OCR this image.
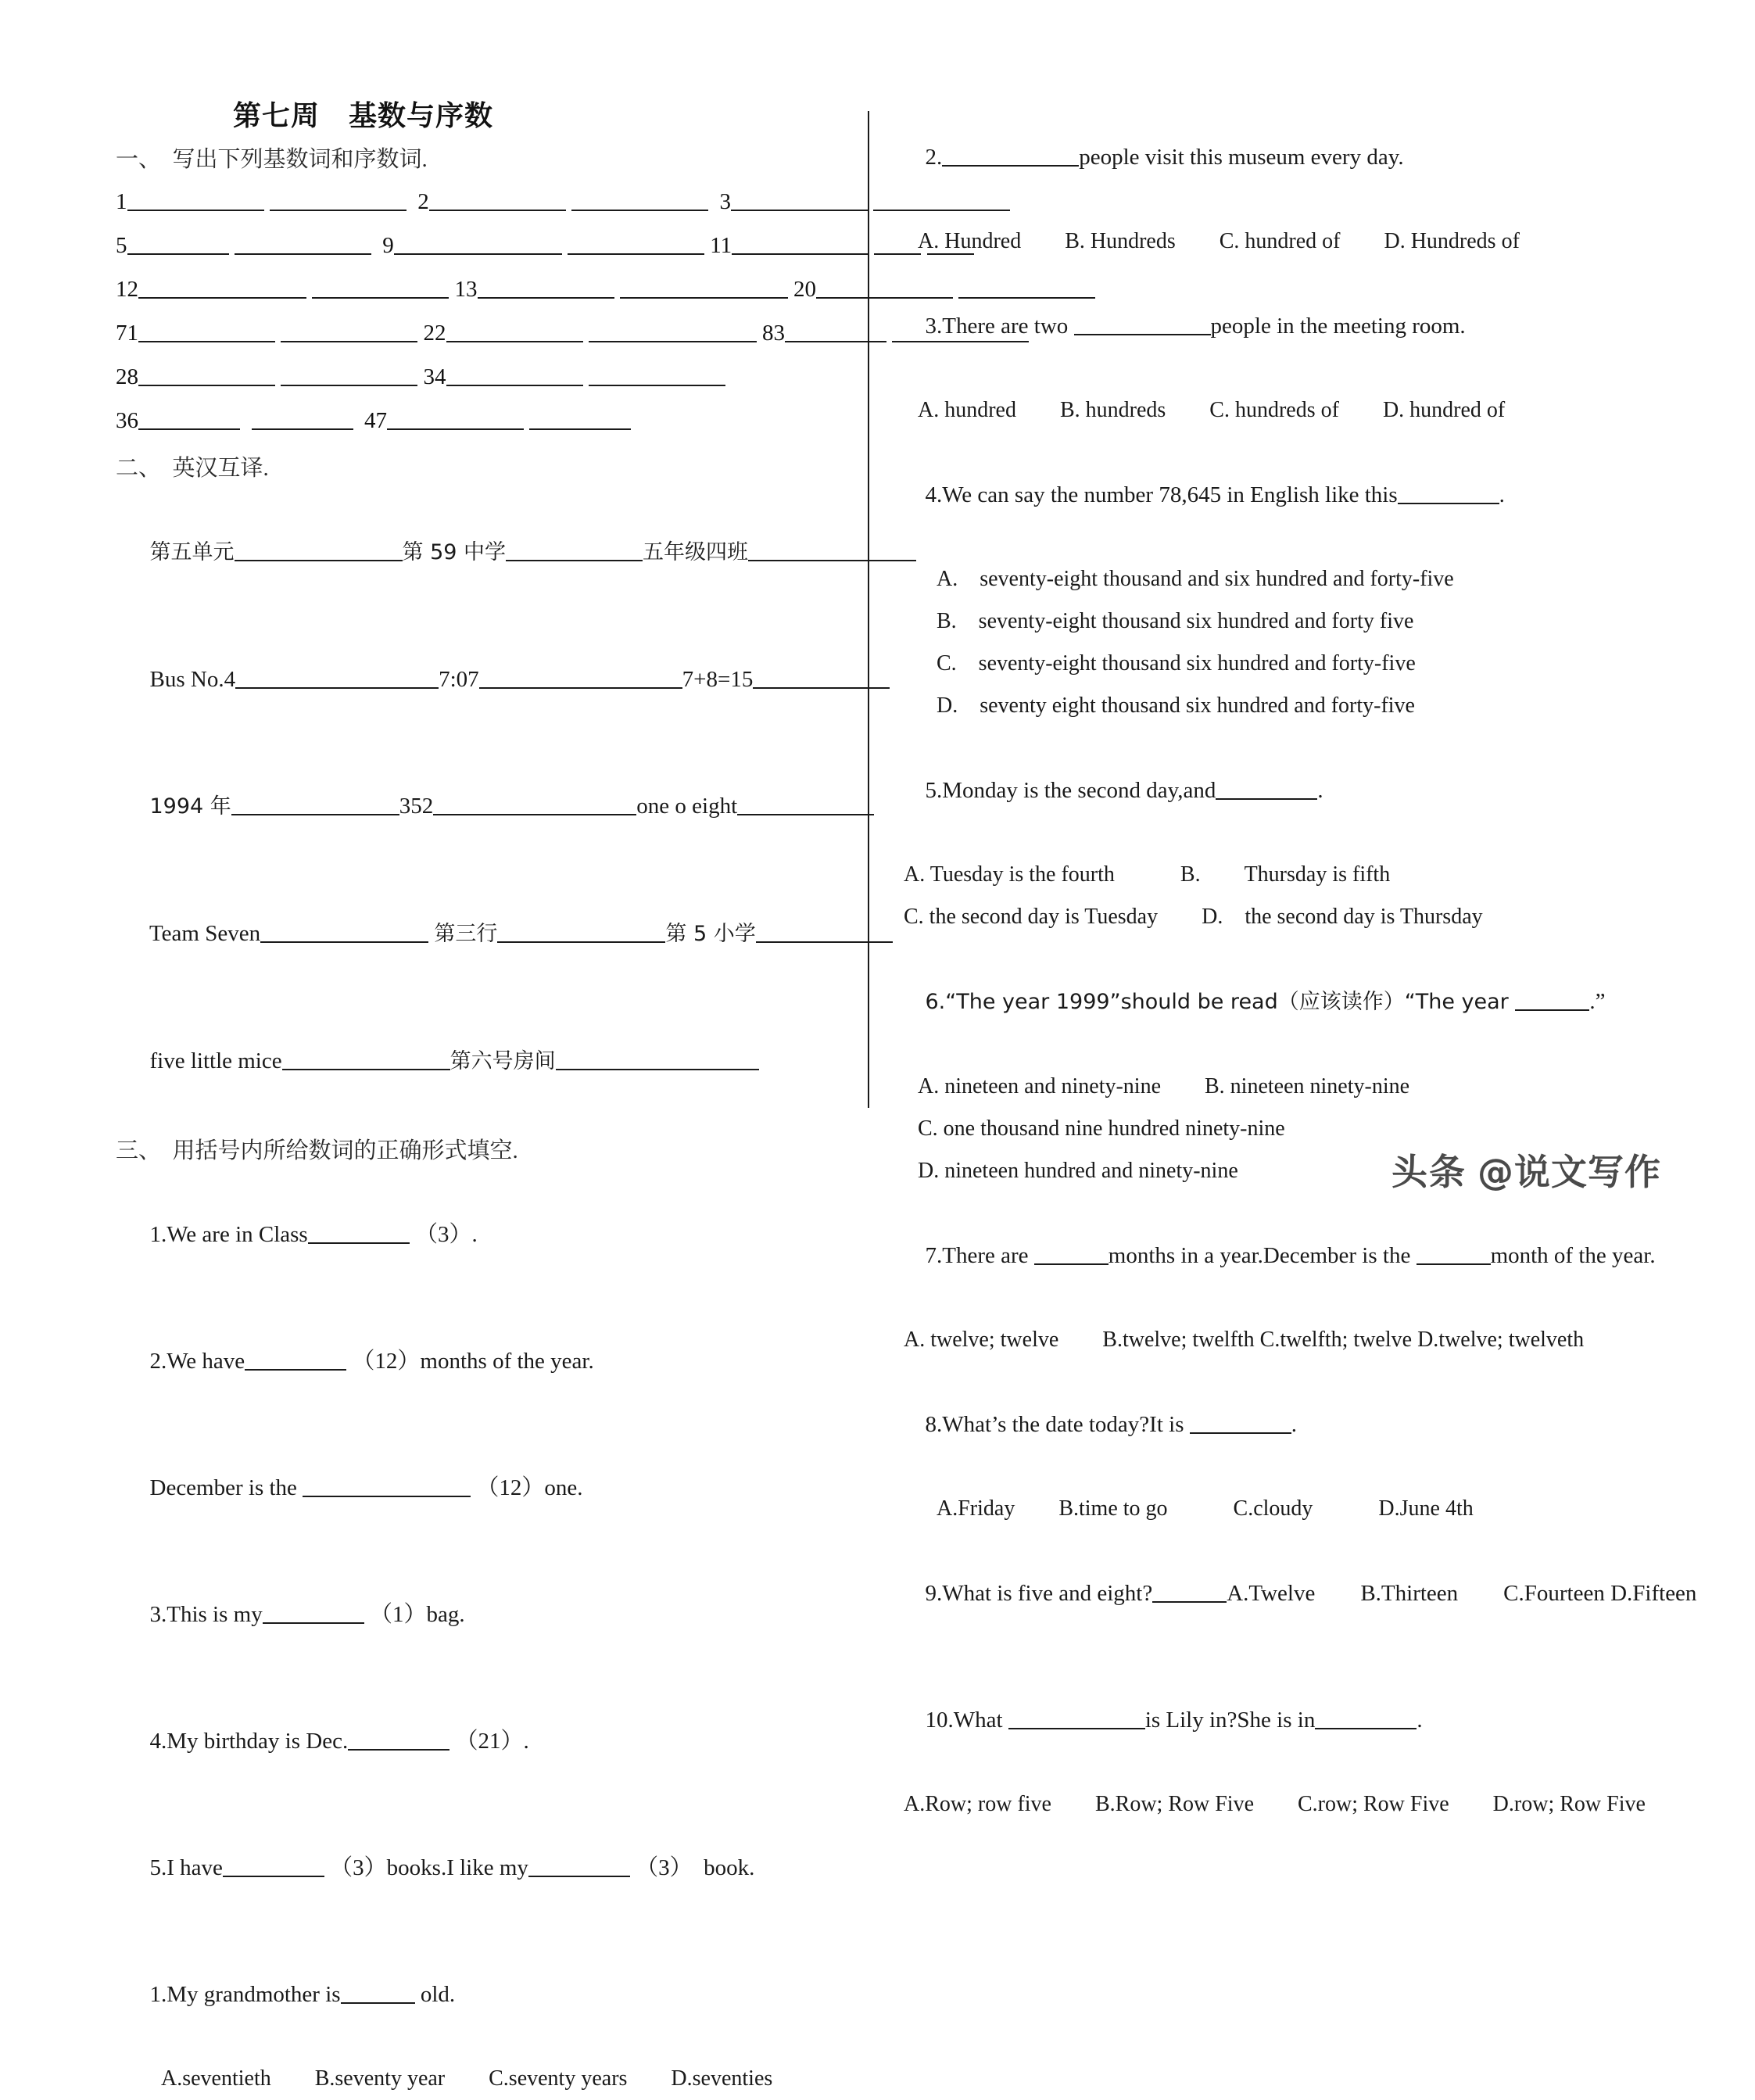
第七周　基数与序数
一、　写出下列基数词和序数词.
1	2	3
5	9	11
12	13	20
71	22	83
28	34
36	47
二、　英汉互译.

第五单元	第 59 中学	五年级四班

Bus No.4	7:07	7+8=15

1994 年	352	one o eight

Team Seven	第三行	第 5 小学

five little mice	第六号房间

三、　用括号内所给数词的正确形式填空.

1.We are in Class	（3）.

2.We have	（12）months of the year.

December is the	（12）one.

3.This is my	（1）bag.

4.My birthday is Dec.	（21）.

5.I have	（3）books.I like my	（3）　book.

1.My grandmother is	old.

A.seventieth　　B.seventy year　　C.seventy years　　D.seventies

2.	people visit this museum every day.

A. Hundred　　B. Hundreds　　C. hundred of　　D. Hundreds of

3.There are two	people in the meeting room.

A. hundred　　B. hundreds　　C. hundreds of　　D. hundred of

4.We can say the number 78,645 in English like this	.

A.　seventy-eight thousand and six hundred and forty-five
B.　seventy-eight thousand six hundred and forty five
C.　seventy-eight thousand six hundred and forty-five
D.　seventy eight thousand six hundred and forty-five

5.Monday is the second day,and	.

A. Tuesday is the fourth　　　B.　　Thursday is fifth
C. the second day is Tuesday　　D.　the second day is Thursday

6.“The year 1999”should be read（应该读作）“The year	.”

A. nineteen and ninety-nine　　B. nineteen ninety-nine
C. one thousand nine hundred ninety-nine
D. nineteen hundred and ninety-nine

7.There are	months in a year.December is the	month of the year.

A. twelve; twelve　　B.twelve; twelfth C.twelfth; twelve D.twelve; twelveth

8.What’s the date today?It is	.

A.Friday　　B.time to go　　　C.cloudy　　　D.June 4th

9.What is five and eight?	A.Twelve　　B.Thirteen　　C.Fourteen D.Fifteen

10.What	is Lily in?She is in	.

A.Row; row five　　B.Row; Row Five　　C.row; Row Five　　D.row; Row Five
头条 @说文写作
